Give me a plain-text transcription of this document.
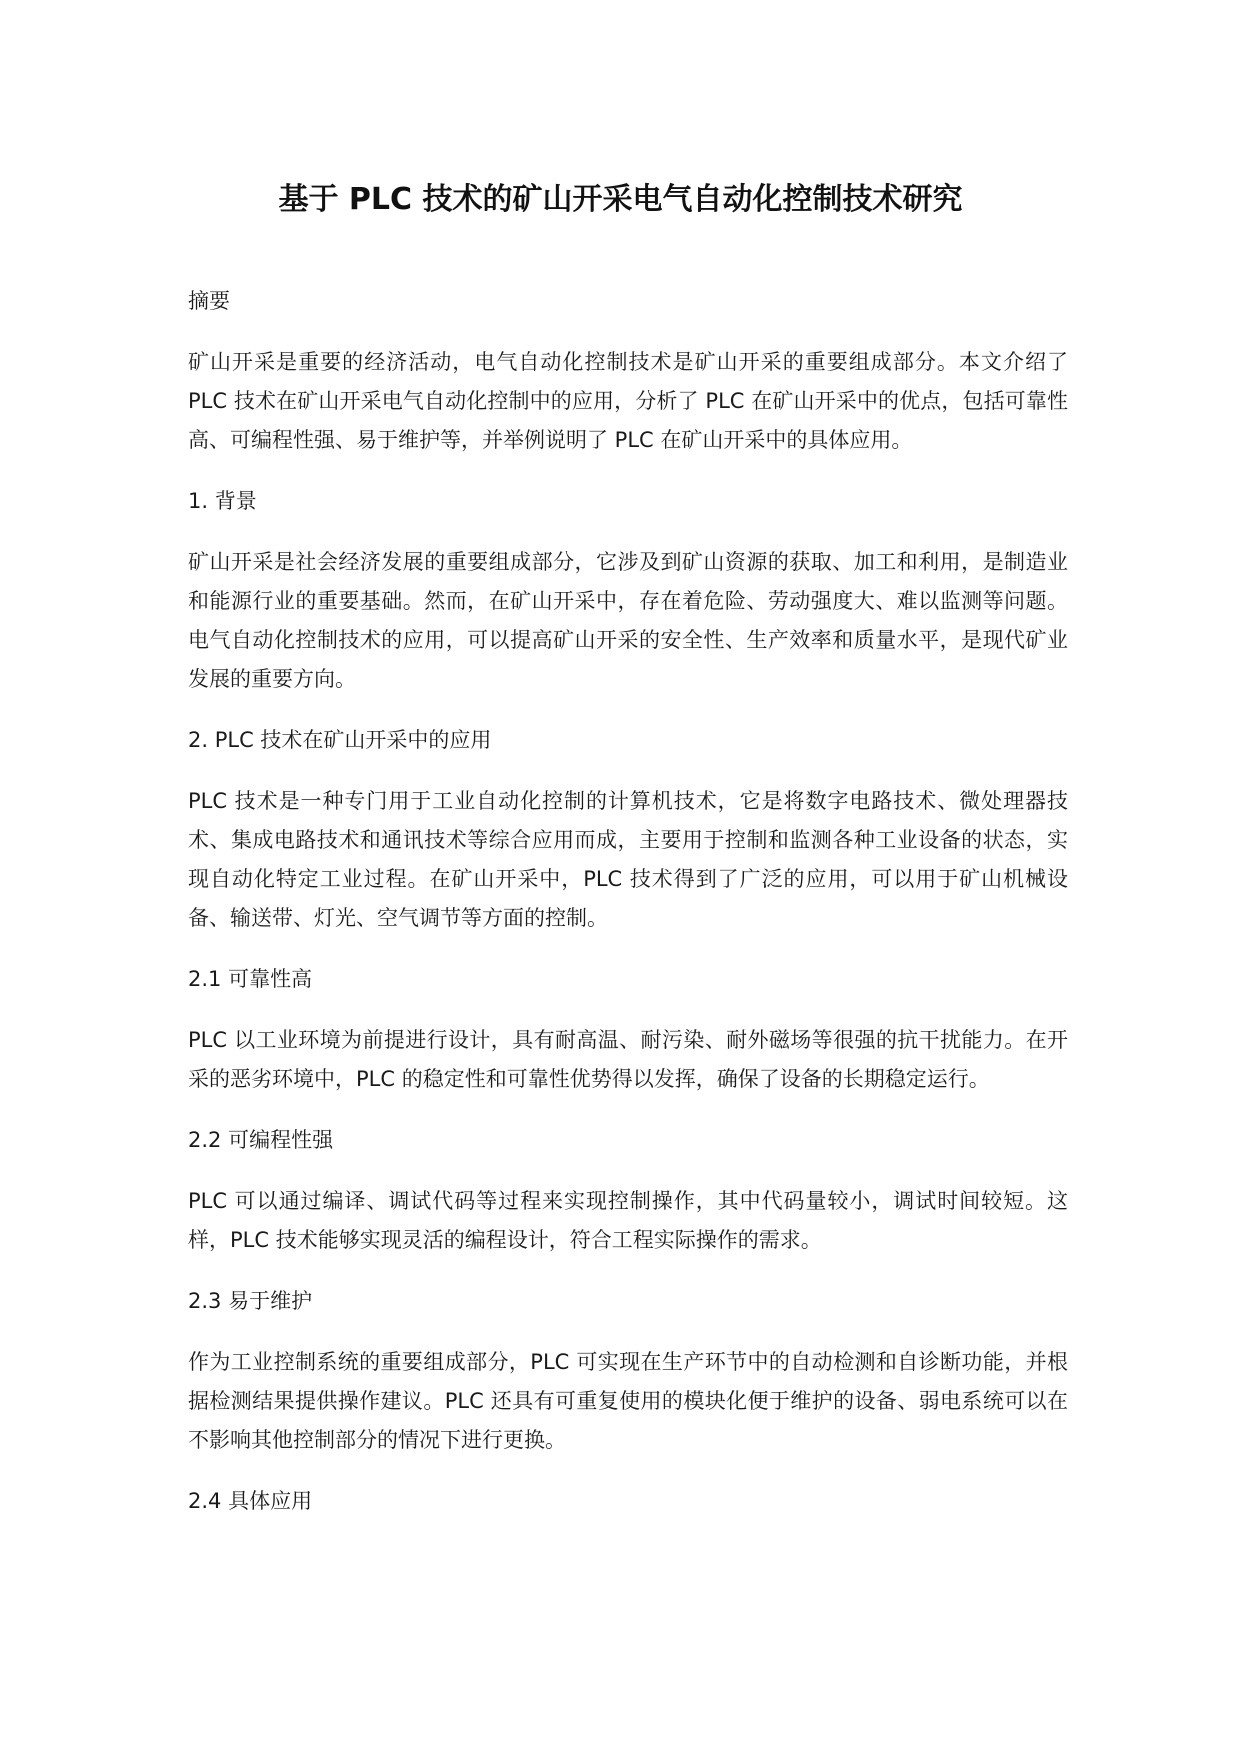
基于 PLC 技术的矿山开采电气自动化控制技术研究

摘要

矿山开采是重要的经济活动，电气自动化控制技术是矿山开采的重要组成部分。本文介绍了 PLC 技术在矿山开采电气自动化控制中的应用，分析了 PLC 在矿山开采中的优点，包括可靠性高、可编程性强、易于维护等，并举例说明了 PLC 在矿山开采中的具体应用。

1. 背景

矿山开采是社会经济发展的重要组成部分，它涉及到矿山资源的获取、加工和利用，是制造业和能源行业的重要基础。然而，在矿山开采中，存在着危险、劳动强度大、难以监测等问题。电气自动化控制技术的应用，可以提高矿山开采的安全性、生产效率和质量水平，是现代矿业发展的重要方向。

2. PLC 技术在矿山开采中的应用

PLC 技术是一种专门用于工业自动化控制的计算机技术，它是将数字电路技术、微处理器技术、集成电路技术和通讯技术等综合应用而成，主要用于控制和监测各种工业设备的状态，实现自动化特定工业过程。在矿山开采中，PLC 技术得到了广泛的应用，可以用于矿山机械设备、输送带、灯光、空气调节等方面的控制。

2.1 可靠性高

PLC 以工业环境为前提进行设计，具有耐高温、耐污染、耐外磁场等很强的抗干扰能力。在开采的恶劣环境中，PLC 的稳定性和可靠性优势得以发挥，确保了设备的长期稳定运行。

2.2 可编程性强

PLC 可以通过编译、调试代码等过程来实现控制操作，其中代码量较小，调试时间较短。这样，PLC 技术能够实现灵活的编程设计，符合工程实际操作的需求。

2.3 易于维护

作为工业控制系统的重要组成部分，PLC 可实现在生产环节中的自动检测和自诊断功能，并根据检测结果提供操作建议。PLC 还具有可重复使用的模块化便于维护的设备、弱电系统可以在不影响其他控制部分的情况下进行更换。

2.4 具体应用
